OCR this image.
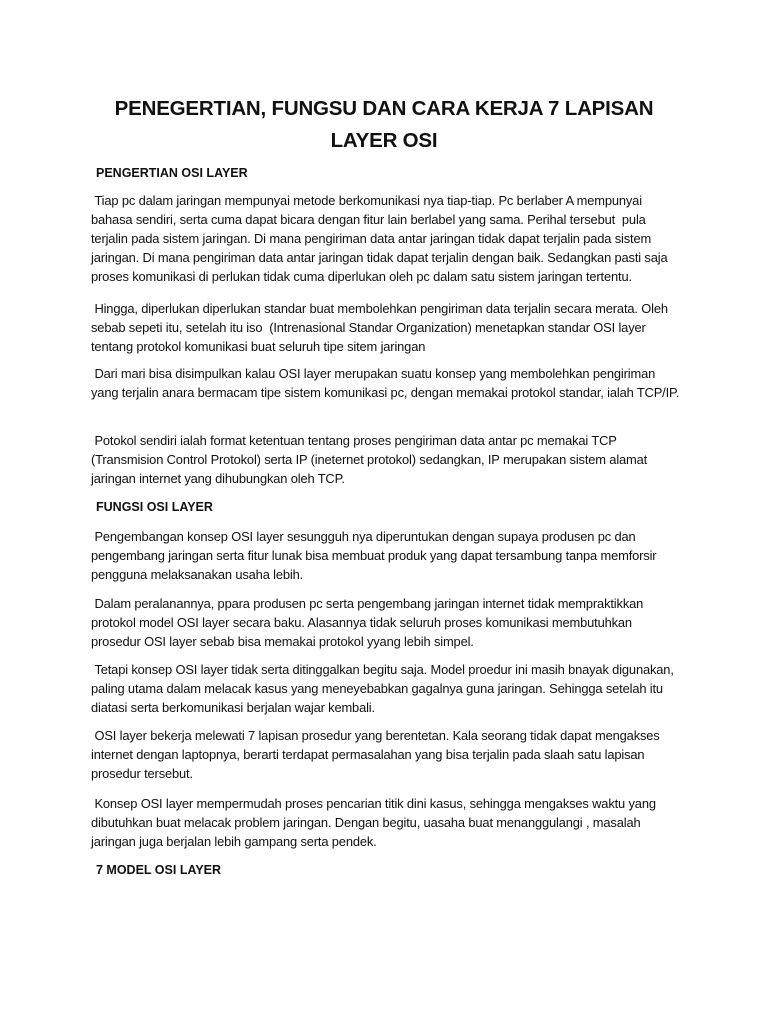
PENEGERTIAN, FUNGSU DAN CARA KERJA 7 LAPISAN LAYER OSI

PENGERTIAN OSI LAYER

Tiap pc dalam jaringan mempunyai metode berkomunikasi nya tiap-tiap. Pc berlaber A mempunyai bahasa sendiri, serta cuma dapat bicara dengan fitur lain berlabel yang sama. Perihal tersebut  pula terjalin pada sistem jaringan. Di mana pengiriman data antar jaringan tidak dapat terjalin pada sistem jaringan. Di mana pengiriman data antar jaringan tidak dapat terjalin dengan baik. Sedangkan pasti saja proses komunikasi di perlukan tidak cuma diperlukan oleh pc dalam satu sistem jaringan tertentu.

Hingga, diperlukan diperlukan standar buat membolehkan pengiriman data terjalin secara merata. Oleh sebab sepeti itu, setelah itu iso  (Intrenasional Standar Organization) menetapkan standar OSI layer tentang protokol komunikasi buat seluruh tipe sitem jaringan

Dari mari bisa disimpulkan kalau OSI layer merupakan suatu konsep yang membolehkan pengiriman yang terjalin anara bermacam tipe sistem komunikasi pc, dengan memakai protokol standar, ialah TCP/IP.

Potokol sendiri ialah format ketentuan tentang proses pengiriman data antar pc memakai TCP (Transmision Control Protokol) serta IP (ineternet protokol) sedangkan, IP merupakan sistem alamat jaringan internet yang dihubungkan oleh TCP.

FUNGSI OSI LAYER

Pengembangan konsep OSI layer sesungguh nya diperuntukan dengan supaya produsen pc dan pengembang jaringan serta fitur lunak bisa membuat produk yang dapat tersambung tanpa memforsir pengguna melaksanakan usaha lebih.

Dalam peralanannya, ppara produsen pc serta pengembang jaringan internet tidak mempraktikkan protokol model OSI layer secara baku. Alasannya tidak seluruh proses komunikasi membutuhkan prosedur OSI layer sebab bisa memakai protokol yyang lebih simpel.

Tetapi konsep OSI layer tidak serta ditinggalkan begitu saja. Model proedur ini masih bnayak digunakan, paling utama dalam melacak kasus yang meneyebabkan gagalnya guna jaringan. Sehingga setelah itu diatasi serta berkomunikasi berjalan wajar kembali.

OSI layer bekerja melewati 7 lapisan prosedur yang berentetan. Kala seorang tidak dapat mengakses internet dengan laptopnya, berarti terdapat permasalahan yang bisa terjalin pada slaah satu lapisan prosedur tersebut.

Konsep OSI layer mempermudah proses pencarian titik dini kasus, sehingga mengakses waktu yang dibutuhkan buat melacak problem jaringan. Dengan begitu, uasaha buat menanggulangi , masalah jaringan juga berjalan lebih gampang serta pendek.

7 MODEL OSI LAYER
